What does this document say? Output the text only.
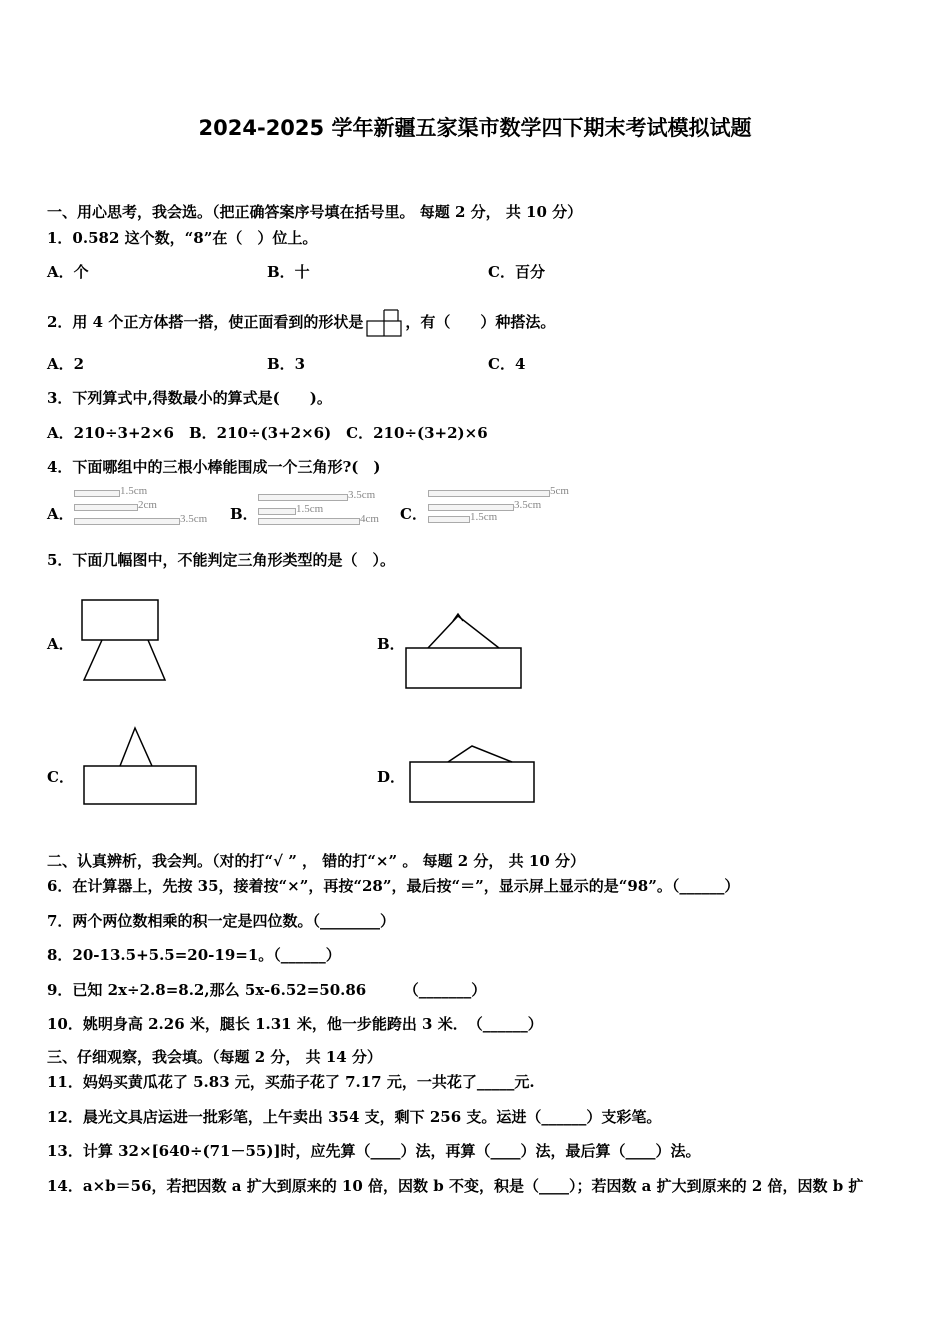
2024-2025 学年新疆五家渠市数学四下期末考试模拟试题
一、用心思考，我会选。（把正确答案序号填在括号里。 每题 2 分， 共 10 分）
1．0.582 这个数，“8”在（　）位上。
A．个	B．十	C．百分
2．用 4 个正方体搭一搭，使正面看到的形状是	，有（　　）种搭法。
A．2	B．3	C．4
3．下列算式中,得数最小的算式是(　　)。
A．210÷3+2×6　B．210÷(3+2×6)　C．210÷(3+2)×6
4．下面哪组中的三根小棒能围成一个三角形?(　)
A．
1.5cm
2cm
3.5cm B．
3.5cm
1.5cm
4cm C．
5cm
3.5cm
1.5cm
5．下面几幅图中，不能判定三角形类型的是（　）。
A．	B．
C．	D．
二、认真辨析，我会判。（对的打“√ ” ， 错的打“×” 。 每题 2 分， 共 10 分）
6．在计算器上，先按 35，接着按“×”，再按“28”，最后按“＝”，显示屏上显示的是“98”。（______）
7．两个两位数相乘的积一定是四位数。（________）
8．20-13.5+5.5=20-19=1。（______）
9．已知 2x÷2.8=8.2,那么 5x-6.52=50.86　　　（_______）
10．姚明身高 2.26 米，腿长 1.31 米，他一步能跨出 3 米．　（______）
三、仔细观察，我会填。（每题 2 分， 共 14 分）
11．妈妈买黄瓜花了 5.83 元，买茄子花了 7.17 元，一共花了_____元.
12．晨光文具店运进一批彩笔，上午卖出 354 支，剩下 256 支。运进（______）支彩笔。
13．计算 32×[640÷(71－55)]时，应先算（____）法，再算（____）法，最后算（____）法。
14．a×b＝56，若把因数 a 扩大到原来的 10 倍，因数 b 不变，积是（____）；若因数 a 扩大到原来的 2 倍，因数 b 扩
